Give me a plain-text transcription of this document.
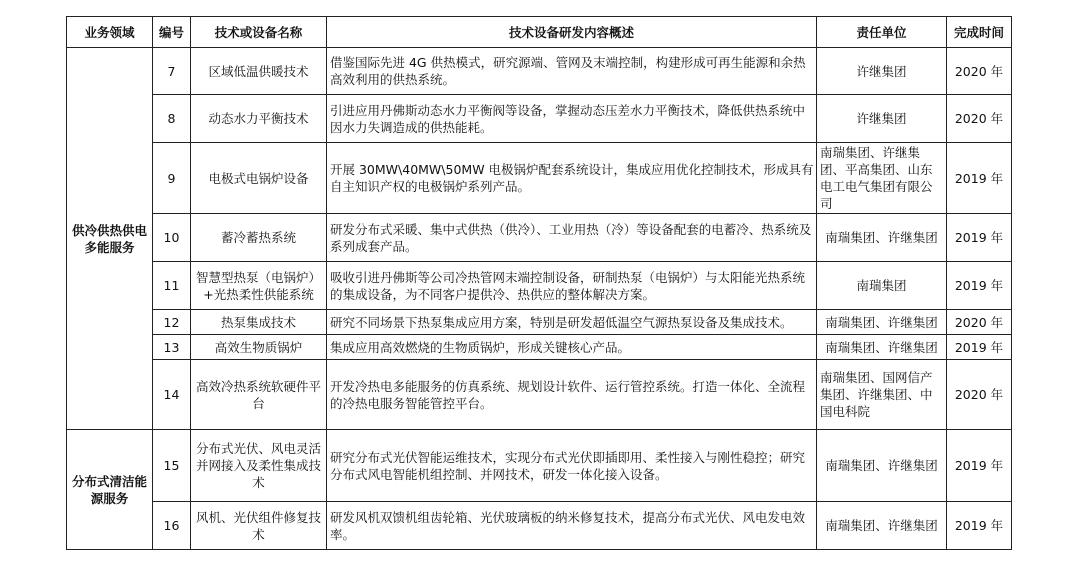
业务领域	编号	技术或设备名称	技术设备研发内容概述	责任单位	完成时间
供冷供热供电多能服务	7	区域低温供暖技术	借鉴国际先进 4G 供热模式，研究源端、管网及末端控制，构建形成可再生能源和余热高效利用的供热系统。	许继集团	2020 年
	8	动态水力平衡技术	引进应用丹佛斯动态水力平衡阀等设备，掌握动态压差水力平衡技术，降低供热系统中因水力失调造成的供热能耗。	许继集团	2020 年
	9	电极式电锅炉设备	开展 30MW\40MW\50MW 电极锅炉配套系统设计，集成应用优化控制技术，形成具有自主知识产权的电极锅炉系列产品。	南瑞集团、许继集团、平高集团、山东电工电气集团有限公司	2019 年
	10	蓄冷蓄热系统	研发分布式采暖、集中式供热（供冷）、工业用热（冷）等设备配套的电蓄冷、热系统及系列成套产品。	南瑞集团、许继集团	2019 年
	11	智慧型热泵（电锅炉）+光热柔性供能系统	吸收引进丹佛斯等公司冷热管网末端控制设备，研制热泵（电锅炉）与太阳能光热系统的集成设备，为不同客户提供冷、热供应的整体解决方案。	南瑞集团	2019 年
	12	热泵集成技术	研究不同场景下热泵集成应用方案，特别是研发超低温空气源热泵设备及集成技术。	南瑞集团、许继集团	2020 年
	13	高效生物质锅炉	集成应用高效燃烧的生物质锅炉，形成关键核心产品。	南瑞集团、许继集团	2019 年
	14	高效冷热系统软硬件平台	开发冷热电多能服务的仿真系统、规划设计软件、运行管控系统。打造一体化、全流程的冷热电服务智能管控平台。	南瑞集团、国网信产集团、许继集团、中国电科院	2020 年
分布式清洁能源服务	15	分布式光伏、风电灵活并网接入及柔性集成技术	研究分布式光伏智能运维技术，实现分布式光伏即插即用、柔性接入与刚性稳控；研究分布式风电智能机组控制、并网技术，研发一体化接入设备。	南瑞集团、许继集团	2019 年
	16	风机、光伏组件修复技术	研发风机双馈机组齿轮箱、光伏玻璃板的纳米修复技术，提高分布式光伏、风电发电效率。	南瑞集团、许继集团	2019 年
